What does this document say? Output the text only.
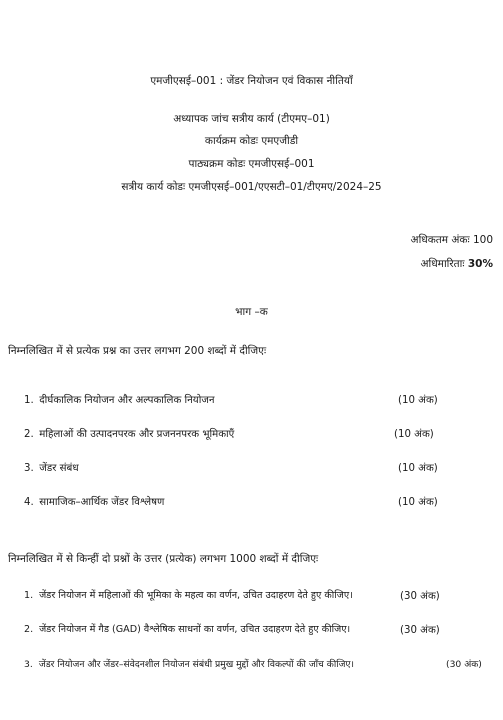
एमजीएसई–001 : जेंडर नियोजन एवं विकास नीतियाँ
अध्यापक जांच सत्रीय कार्य (टीएमए–01)
कार्यक्रम कोडः एमएजीडी
पाठ्यक्रम कोडः एमजीएसई–001
सत्रीय कार्य कोडः एमजीएसई–001/एएसटी–01/टीएमए/2024–25
अधिकतम अंकः 100
अधिमारिताः 30%
भाग –क
निम्नलिखित में से प्रत्येक प्रश्न का उत्तर लगभग 200 शब्दों में दीजिएः
1. दीर्घकालिक नियोजन और अल्पकालिक नियोजन	(10 अंक)
2. महिलाओं की उत्पादनपरक और प्रजननपरक भूमिकाएँ	(10 अंक)
3. जेंडर संबंध	(10 अंक)
4. सामाजिक–आर्थिक जेंडर विश्लेषण	(10 अंक)
निम्नलिखित में से किन्हीं दो प्रश्नों के उत्तर (प्रत्येक) लगभग 1000 शब्दों में दीजिएः
1. जेंडर नियोजन में महिलाओं की भूमिका के महत्व का वर्णन, उचित उदाहरण देते हुए कीजिए।	(30 अंक)
2. जेंडर नियोजन में गैड (GAD) वैश्लेषिक साधनों का वर्णन, उचित उदाहरण देते हुए कीजिए।	(30 अंक)
3. जेंडर नियोजन और जेंडर–संवेदनशील नियोजन संबंधी प्रमुख मुद्दों और विकल्पों की जाँच कीजिए।	(30 अंक)
